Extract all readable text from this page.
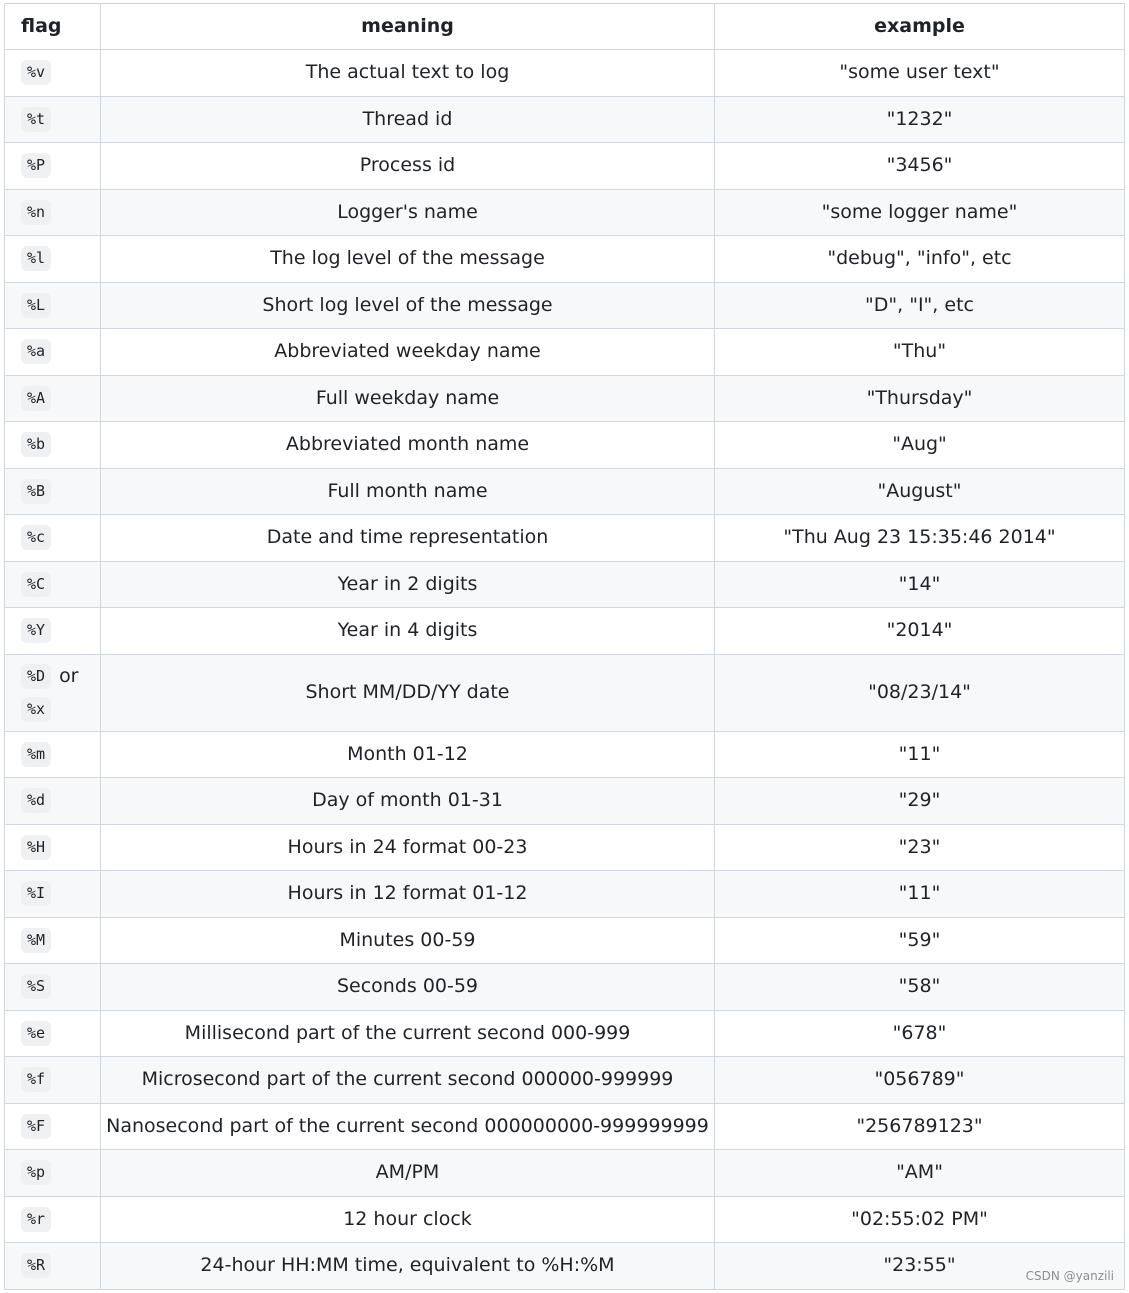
flag	meaning	example
%v	The actual text to log	"some user text"
%t	Thread id	"1232"
%P	Process id	"3456"
%n	Logger's name	"some logger name"
%l	The log level of the message	"debug", "info", etc
%L	Short log level of the message	"D", "I", etc
%a	Abbreviated weekday name	"Thu"
%A	Full weekday name	"Thursday"
%b	Abbreviated month name	"Aug"
%B	Full month name	"August"
%c	Date and time representation	"Thu Aug 23 15:35:46 2014"
%C	Year in 2 digits	"14"
%Y	Year in 4 digits	"2014"

%D or
%x	Short MM/DD/YY date	"08/23/14"
%m	Month 01-12	"11"
%d	Day of month 01-31	"29"
%H	Hours in 24 format 00-23	"23"
%I	Hours in 12 format 01-12	"11"
%M	Minutes 00-59	"59"
%S	Seconds 00-59	"58"
%e	Millisecond part of the current second 000-999	"678"
%f	Microsecond part of the current second 000000-999999	"056789"
%F	Nanosecond part of the current second 000000000-999999999	"256789123"
%p	AM/PM	"AM"
%r	12 hour clock	"02:55:02 PM"
%R	24-hour HH:MM time, equivalent to %H:%M	"23:55"	CSDN @yanzili
